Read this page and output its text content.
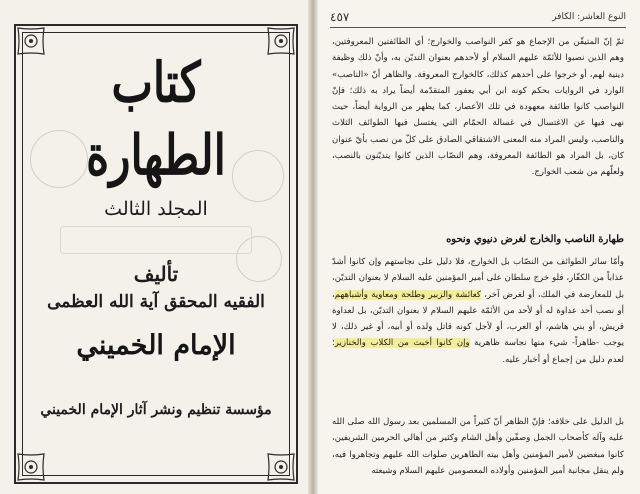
كتاب الطهارة
المجلد الثالث
تأليف
الفقيه المحقق آية الله العظمى
الإمام الخميني
مؤسسة تنظيم ونشر آثار الإمام الخميني
النوع العاشر: الكافر
٤٥٧
ثمّ إنّ المتيقّن من الإجماع هو كفر النواصب والخوارج؛ أي الطائفتين المعروفتين، وهم الذين نصبوا للأئمّة عليهم السلام أو لأحدهم بعنوان التديّن به، وأنّ ذلك وظيفة دينية لهم، أو خرجوا على أحدهم كذلك، كالخوارج المعروفة. والظاهر أنّ «الناصب» الوارد في الروايات بحكم كونه ابن أبي يعفور المتقدّمة أيضاً يراد به ذلك؛ فإنّ النواصب كانوا طائفة معهودة في تلك الأعصار، كما يظهر من الرواية أيضاً، حيث نهى فيها عن الاغتسال في غسالة الحمّام التي يغتسل فيها الطوائف الثلاث والناصب، وليس المراد منه المعنى الاشتقاقي الصادق على كلّ من نصب بأيّ عنوان كان، بل المراد هو الطائفة المعروفة، وهم النصّاب الذين كانوا يتديّنون بالنصب، ولعلّهم من شعب الخوارج.
طهارة الناصب والخارج لغرض دنيوي ونحوه
وأمّا سائر الطوائف من النصّاب بل الخوارج، فلا دليل على نجاستهم وإن كانوا أشدّ عذاباً من الكفّار، فلو خرج سلطان على أمير المؤمنين عليه السلام لا بعنوان التديّن، بل للمعارضة في الملك، أو لغرض آخر، كعائشة والزبير وطلحة ومعاوية وأشباههم، أو نصب أحد عداوة له أو لأحد من الأئمّة عليهم السلام لا بعنوان التديّن، بل لعداوة قريش، أو بني هاشم، أو العرب، أو لأجل كونه قاتل ولده أو أبيه، أو غير ذلك، لا يوجب -ظاهراً- شيء منها نجاسة ظاهرية وإن كانوا أخبث من الكلاب والخنازير؛ لعدم دليل من إجماع أو أخبار عليه.
بل الدليل على خلافه؛ فإنّ الظاهر أنّ كثيراً من المسلمين بعد رسول الله صلى الله عليه وآله كأصحاب الجمل وصفّين وأهل الشام وكثير من أهالي الحرمين الشريفين، كانوا مبغضين لأمير المؤمنين وأهل بيته الطاهرين صلوات الله عليهم وتجاهروا فيه، ولم ينقل مجانبة أمير المؤمنين وأولاده المعصومين عليهم السلام وشيعته
